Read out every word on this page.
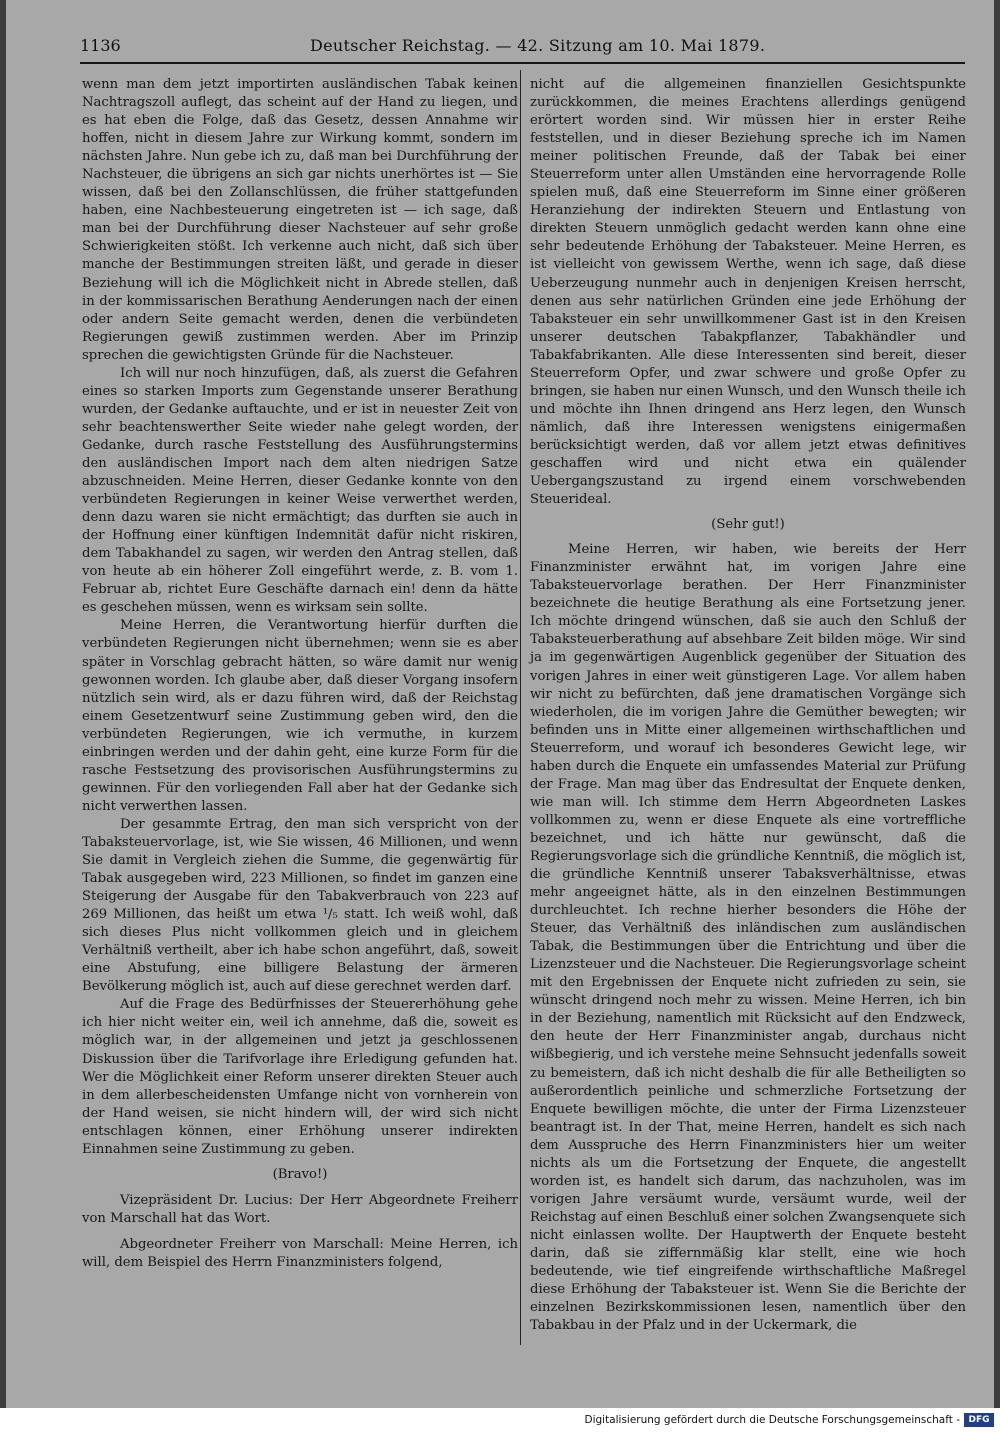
1136	Deutscher Reichstag. — 42. Sitzung am 10. Mai 1879.

wenn man dem jetzt importirten ausländischen Tabak keinen Nachtragszoll auflegt, das scheint auf der Hand zu liegen, und es hat eben die Folge, daß das Gesetz, dessen Annahme wir hoffen, nicht in diesem Jahre zur Wirkung kommt, sondern im nächsten Jahre. Nun gebe ich zu, daß man bei Durchführung der Nachsteuer, die übrigens an sich gar nichts unerhörtes ist — Sie wissen, daß bei den Zollanschlüssen, die früher stattgefunden haben, eine Nachbesteuerung eingetreten ist — ich sage, daß man bei der Durchführung dieser Nachsteuer auf sehr große Schwierigkeiten stößt. Ich verkenne auch nicht, daß sich über manche der Bestimmungen streiten läßt, und gerade in dieser Beziehung will ich die Möglichkeit nicht in Abrede stellen, daß in der kommissarischen Berathung Aenderungen nach der einen oder andern Seite gemacht werden, denen die verbündeten Regierungen gewiß zustimmen werden. Aber im Prinzip sprechen die gewichtigsten Gründe für die Nachsteuer.

Ich will nur noch hinzufügen, daß, als zuerst die Gefahren eines so starken Imports zum Gegenstande unserer Berathung wurden, der Gedanke auftauchte, und er ist in neuester Zeit von sehr beachtenswerther Seite wieder nahe gelegt worden, der Gedanke, durch rasche Feststellung des Ausführungstermins den ausländischen Import nach dem alten niedrigen Satze abzuschneiden. Meine Herren, dieser Gedanke konnte von den verbündeten Regierungen in keiner Weise verwerthet werden, denn dazu waren sie nicht ermächtigt; das durften sie auch in der Hoffnung einer künftigen Indemnität dafür nicht riskiren, dem Tabakhandel zu sagen, wir werden den Antrag stellen, daß von heute ab ein höherer Zoll eingeführt werde, z. B. vom 1. Februar ab, richtet Eure Geschäfte darnach ein! denn da hätte es geschehen müssen, wenn es wirksam sein sollte.

Meine Herren, die Verantwortung hierfür durften die verbündeten Regierungen nicht übernehmen; wenn sie es aber später in Vorschlag gebracht hätten, so wäre damit nur wenig gewonnen worden. Ich glaube aber, daß dieser Vorgang insofern nützlich sein wird, als er dazu führen wird, daß der Reichstag einem Gesetzentwurf seine Zustimmung geben wird, den die verbündeten Regierungen, wie ich vermuthe, in kurzem einbringen werden und der dahin geht, eine kurze Form für die rasche Festsetzung des provisorischen Ausführungstermins zu gewinnen. Für den vorliegenden Fall aber hat der Gedanke sich nicht verwerthen lassen.

Der gesammte Ertrag, den man sich verspricht von der Tabaksteuervorlage, ist, wie Sie wissen, 46 Millionen, und wenn Sie damit in Vergleich ziehen die Summe, die gegenwärtig für Tabak ausgegeben wird, 223 Millionen, so findet im ganzen eine Steigerung der Ausgabe für den Tabakverbrauch von 223 auf 269 Millionen, das heißt um etwa ¹/₅ statt. Ich weiß wohl, daß sich dieses Plus nicht vollkommen gleich und in gleichem Verhältniß vertheilt, aber ich habe schon angeführt, daß, soweit eine Abstufung, eine billigere Belastung der ärmeren Bevölkerung möglich ist, auch auf diese gerechnet werden darf.

Auf die Frage des Bedürfnisses der Steuererhöhung gehe ich hier nicht weiter ein, weil ich annehme, daß die, soweit es möglich war, in der allgemeinen und jetzt ja geschlossenen Diskussion über die Tarifvorlage ihre Erledigung gefunden hat. Wer die Möglichkeit einer Reform unserer direkten Steuer auch in dem allerbescheidensten Umfange nicht von vornherein von der Hand weisen, sie nicht hindern will, der wird sich nicht entschlagen können, einer Erhöhung unserer indirekten Einnahmen seine Zustimmung zu geben.

(Bravo!)

Vizepräsident Dr. Lucius: Der Herr Abgeordnete Freiherr von Marschall hat das Wort.

Abgeordneter Freiherr von Marschall: Meine Herren, ich will, dem Beispiel des Herrn Finanzministers folgend,

nicht auf die allgemeinen finanziellen Gesichtspunkte zurückkommen, die meines Erachtens allerdings genügend erörtert worden sind. Wir müssen hier in erster Reihe feststellen, und in dieser Beziehung spreche ich im Namen meiner politischen Freunde, daß der Tabak bei einer Steuerreform unter allen Umständen eine hervorragende Rolle spielen muß, daß eine Steuerreform im Sinne einer größeren Heranziehung der indirekten Steuern und Entlastung von direkten Steuern unmöglich gedacht werden kann ohne eine sehr bedeutende Erhöhung der Tabaksteuer. Meine Herren, es ist vielleicht von gewissem Werthe, wenn ich sage, daß diese Ueberzeugung nunmehr auch in denjenigen Kreisen herrscht, denen aus sehr natürlichen Gründen eine jede Erhöhung der Tabaksteuer ein sehr unwillkommener Gast ist in den Kreisen unserer deutschen Tabakpflanzer, Tabakhändler und Tabakfabrikanten. Alle diese Interessenten sind bereit, dieser Steuerreform Opfer, und zwar schwere und große Opfer zu bringen, sie haben nur einen Wunsch, und den Wunsch theile ich und möchte ihn Ihnen dringend ans Herz legen, den Wunsch nämlich, daß ihre Interessen wenigstens einigermaßen berücksichtigt werden, daß vor allem jetzt etwas definitives geschaffen wird und nicht etwa ein quälender Uebergangszustand zu irgend einem vorschwebenden Steuerideal.

(Sehr gut!)

Meine Herren, wir haben, wie bereits der Herr Finanzminister erwähnt hat, im vorigen Jahre eine Tabaksteuervorlage berathen. Der Herr Finanzminister bezeichnete die heutige Berathung als eine Fortsetzung jener. Ich möchte dringend wünschen, daß sie auch den Schluß der Tabaksteuerberathung auf absehbare Zeit bilden möge. Wir sind ja im gegenwärtigen Augenblick gegenüber der Situation des vorigen Jahres in einer weit günstigeren Lage. Vor allem haben wir nicht zu befürchten, daß jene dramatischen Vorgänge sich wiederholen, die im vorigen Jahre die Gemüther bewegten; wir befinden uns in Mitte einer allgemeinen wirthschaftlichen und Steuerreform, und worauf ich besonderes Gewicht lege, wir haben durch die Enquete ein umfassendes Material zur Prüfung der Frage. Man mag über das Endresultat der Enquete denken, wie man will. Ich stimme dem Herrn Abgeordneten Laskes vollkommen zu, wenn er diese Enquete als eine vortreffliche bezeichnet, und ich hätte nur gewünscht, daß die Regierungsvorlage sich die gründliche Kenntniß, die möglich ist, die gründliche Kenntniß unserer Tabaksverhältnisse, etwas mehr angeeignet hätte, als in den einzelnen Bestimmungen durchleuchtet. Ich rechne hierher besonders die Höhe der Steuer, das Verhältniß des inländischen zum ausländischen Tabak, die Bestimmungen über die Entrichtung und über die Lizenzsteuer und die Nachsteuer. Die Regierungsvorlage scheint mit den Ergebnissen der Enquete nicht zufrieden zu sein, sie wünscht dringend noch mehr zu wissen. Meine Herren, ich bin in der Beziehung, namentlich mit Rücksicht auf den Endzweck, den heute der Herr Finanzminister angab, durchaus nicht wißbegierig, und ich verstehe meine Sehnsucht jedenfalls soweit zu bemeistern, daß ich nicht deshalb die für alle Betheiligten so außerordentlich peinliche und schmerzliche Fortsetzung der Enquete bewilligen möchte, die unter der Firma Lizenzsteuer beantragt ist. In der That, meine Herren, handelt es sich nach dem Ausspruche des Herrn Finanzministers hier um weiter nichts als um die Fortsetzung der Enquete, die angestellt worden ist, es handelt sich darum, das nachzuholen, was im vorigen Jahre versäumt wurde, versäumt wurde, weil der Reichstag auf einen Beschluß einer solchen Zwangsenquete sich nicht einlassen wollte. Der Hauptwerth der Enquete besteht darin, daß sie ziffernmäßig klar stellt, eine wie hoch bedeutende, wie tief eingreifende wirthschaftliche Maßregel diese Erhöhung der Tabaksteuer ist. Wenn Sie die Berichte der einzelnen Bezirkskommissionen lesen, namentlich über den Tabakbau in der Pfalz und in der Uckermark, die

Digitalisierung gefördert durch die Deutsche Forschungsgemeinschaft - DFG
